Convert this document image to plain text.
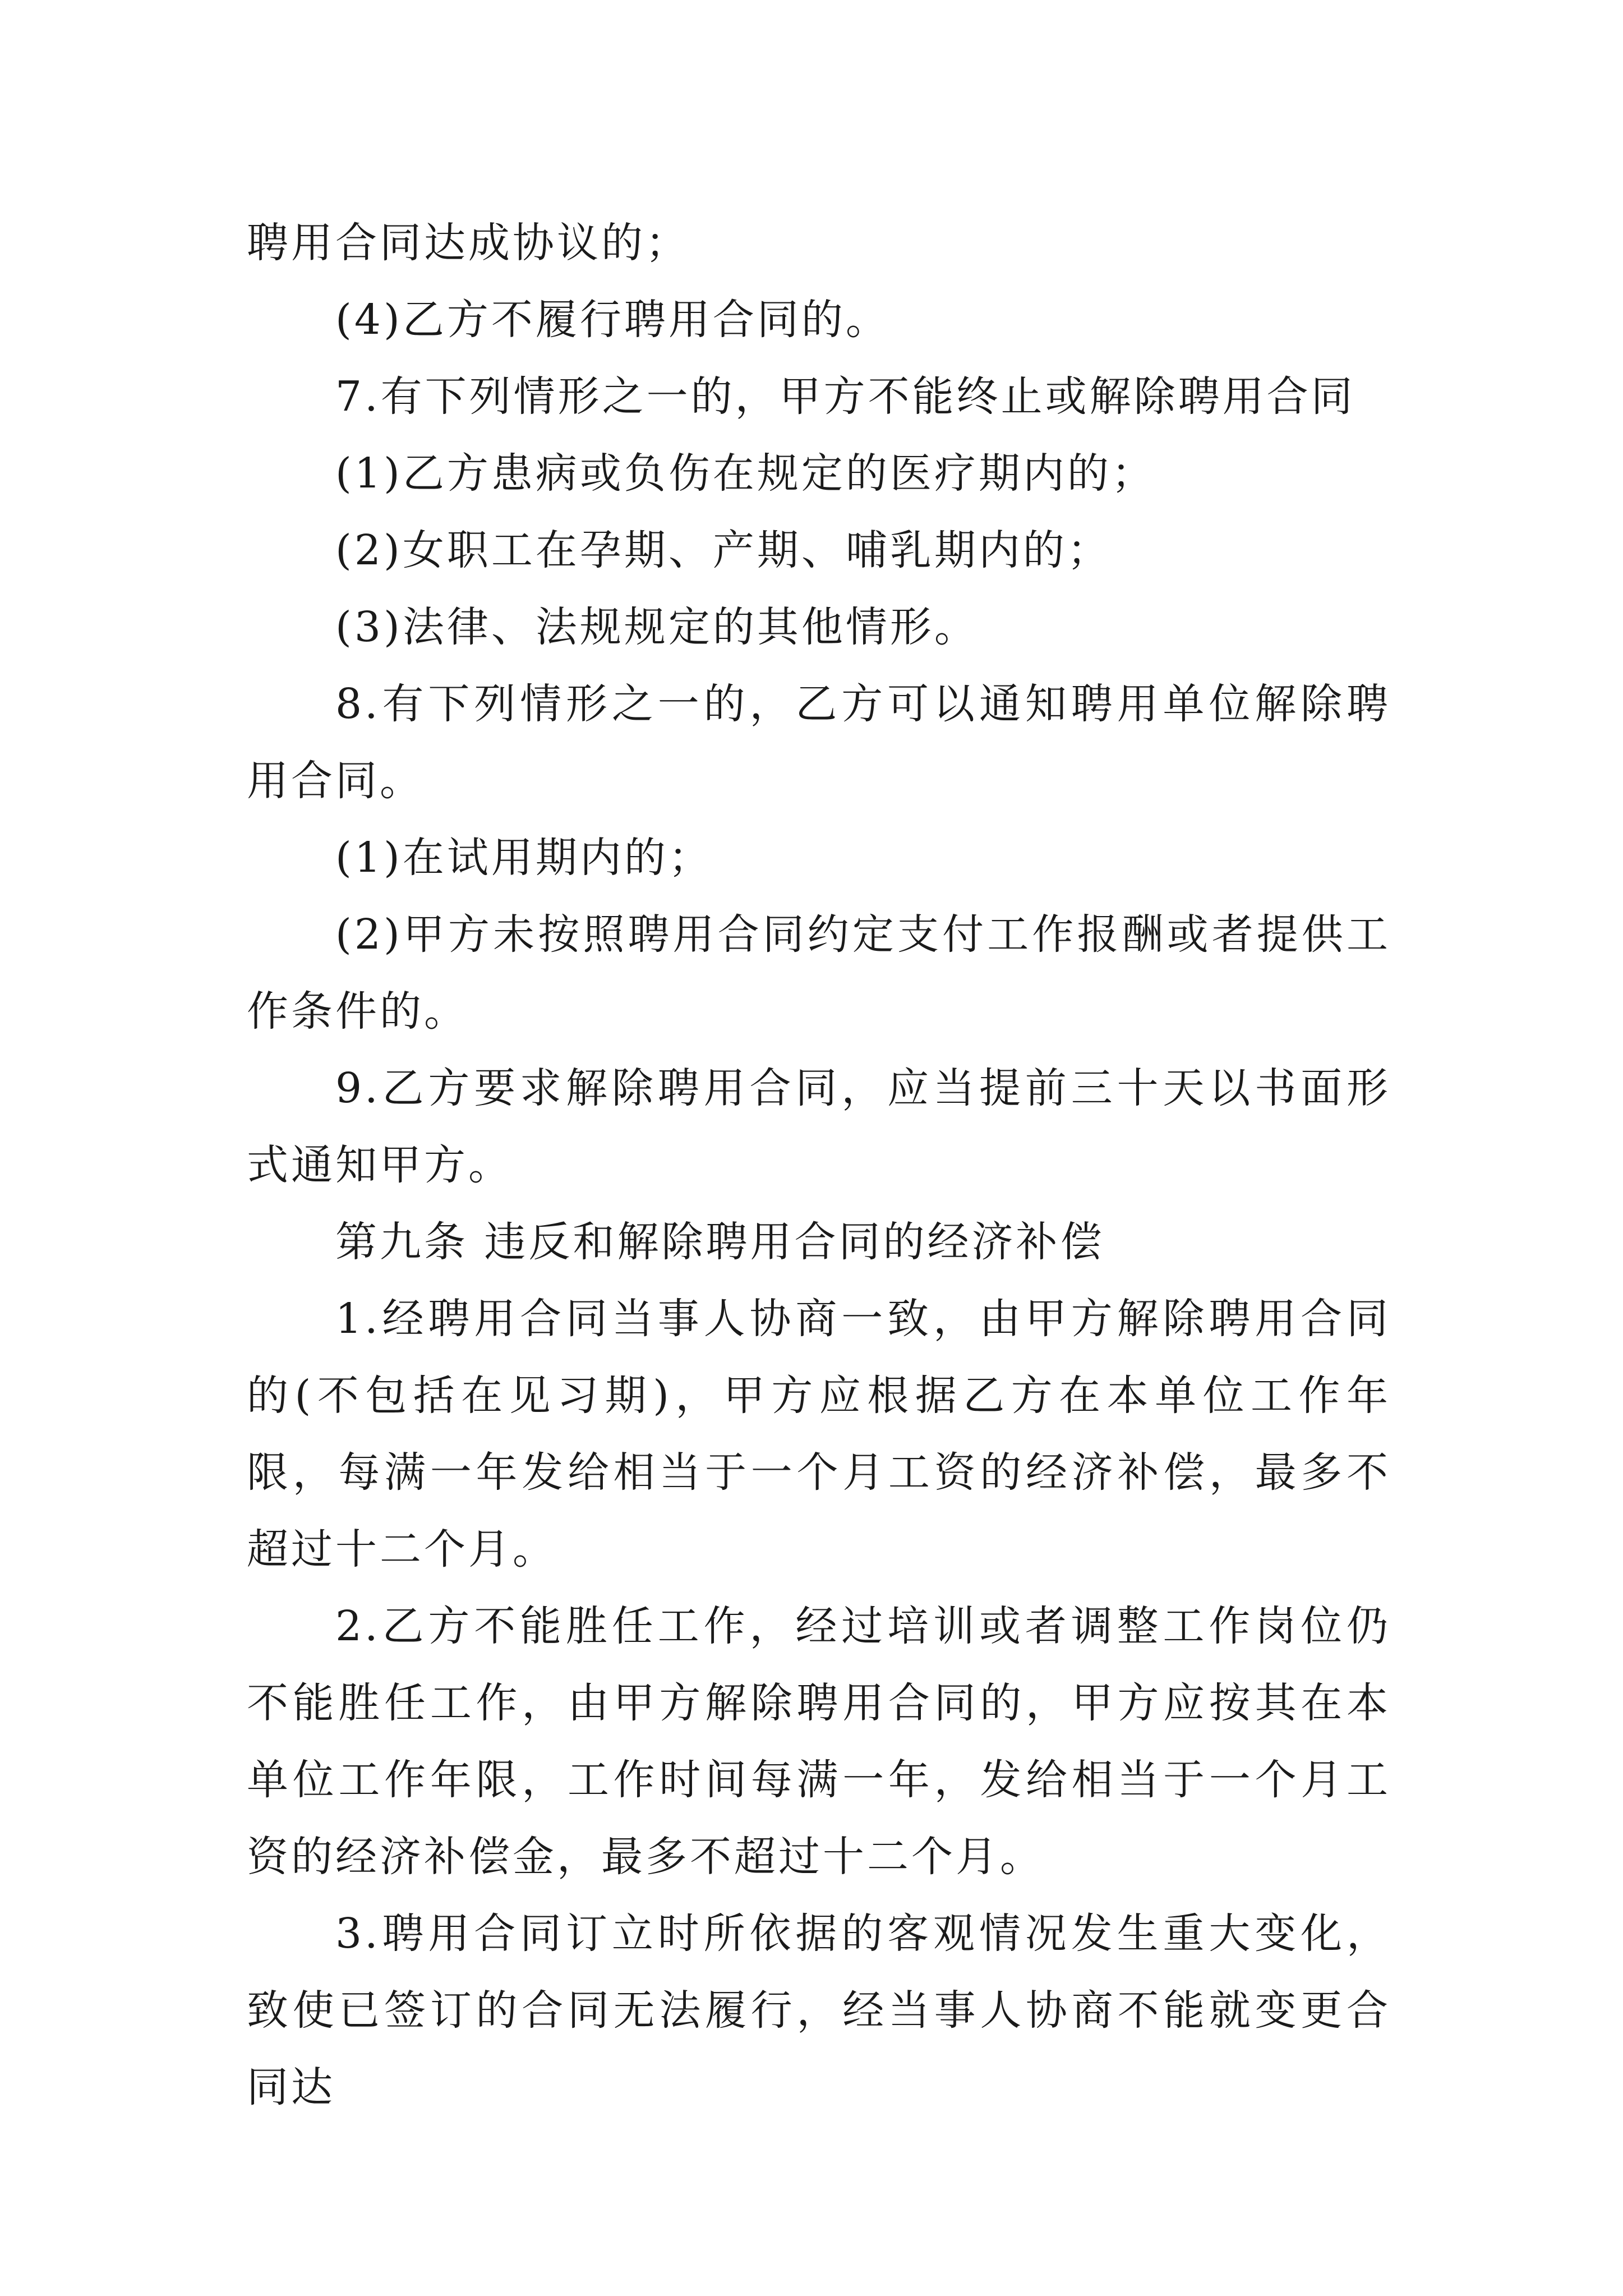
聘用合同达成协议的；

(4)乙方不履行聘用合同的。

7.有下列情形之一的，甲方不能终止或解除聘用合同

(1)乙方患病或负伤在规定的医疗期内的；

(2)女职工在孕期、产期、哺乳期内的；

(3)法律、法规规定的其他情形。

8.有下列情形之一的，乙方可以通知聘用单位解除聘用合同。

(1)在试用期内的；

(2)甲方未按照聘用合同约定支付工作报酬或者提供工作条件的。

9.乙方要求解除聘用合同，应当提前三十天以书面形式通知甲方。

第九条 违反和解除聘用合同的经济补偿

1.经聘用合同当事人协商一致，由甲方解除聘用合同的(不包括在见习期)，甲方应根据乙方在本单位工作年限，每满一年发给相当于一个月工资的经济补偿，最多不超过十二个月。

2.乙方不能胜任工作，经过培训或者调整工作岗位仍不能胜任工作，由甲方解除聘用合同的，甲方应按其在本单位工作年限，工作时间每满一年，发给相当于一个月工资的经济补偿金，最多不超过十二个月。

3.聘用合同订立时所依据的客观情况发生重大变化，致使已签订的合同无法履行，经当事人协商不能就变更合同达
